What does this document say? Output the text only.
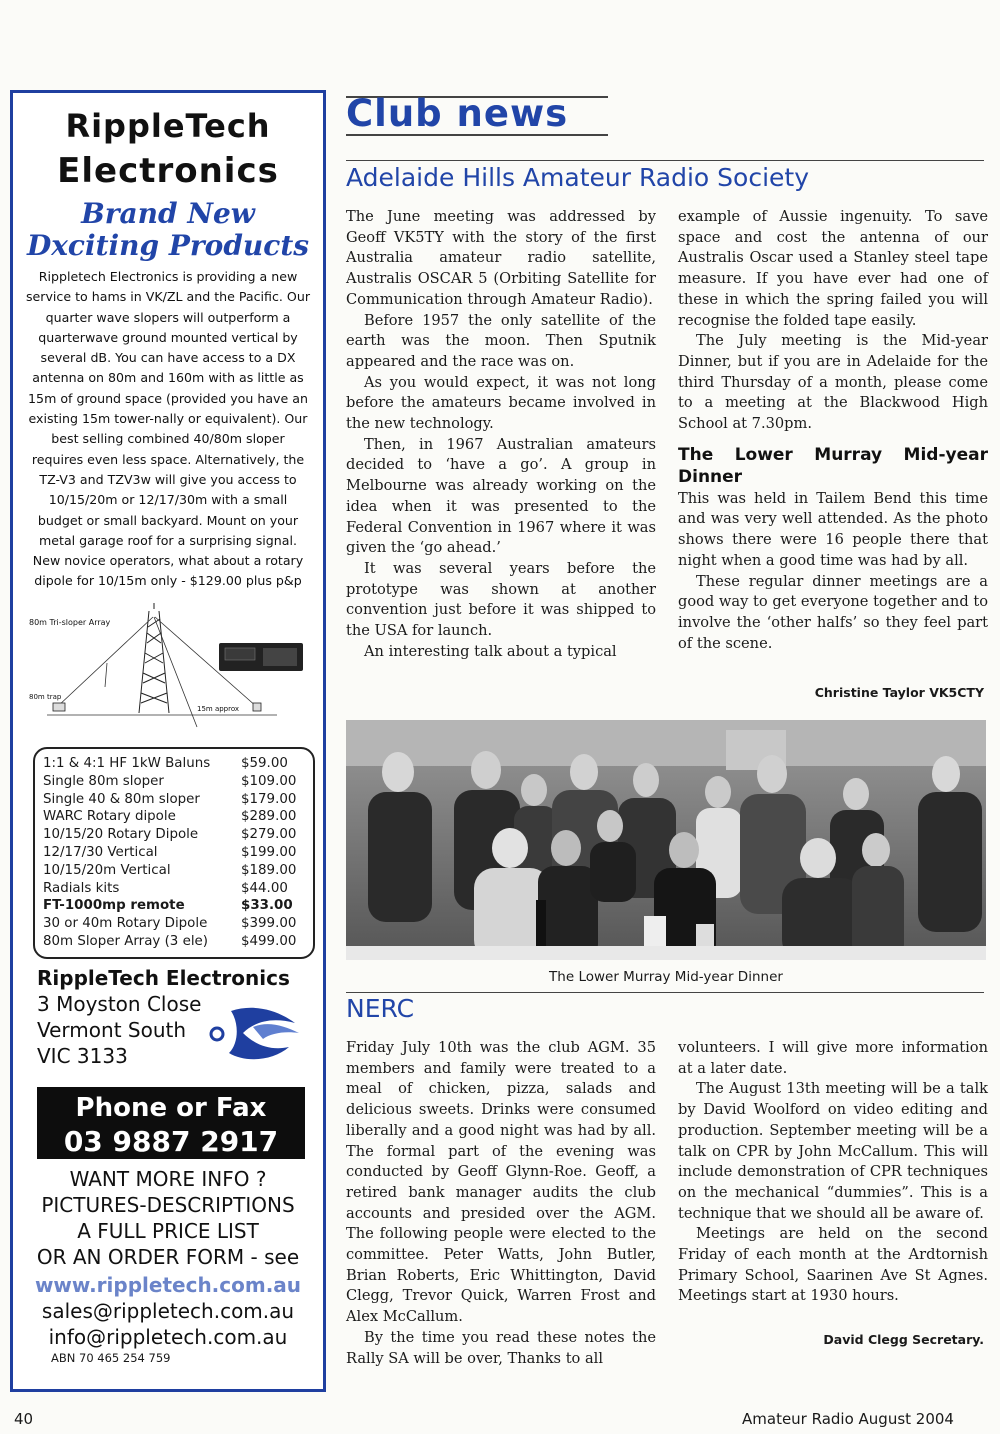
RippleTech
Electronics
Brand New
Dxciting Products
Rippletech Electronics is providing a new service to hams in VK/ZL and the Pacific. Our quarter wave slopers will outperform a quarterwave ground mounted vertical by several dB. You can have access to a DX antenna on 80m and 160m with as little as 15m of ground space (provided you have an existing 15m tower-nally or equivalent). Our best selling combined 40/80m sloper requires even less space. Alternatively, the TZ-V3 and TZV3w will give you access to 10/15/20m or 12/17/30m with a small budget or small backyard. Mount on your metal garage roof for a surprising signal. New novice operators, what about a rotary dipole for 10/15m only - $129.00 plus p&p
80m Tri-sloper Array
80m trap
15m approx
1:1 & 4:1 HF 1kW Baluns $59.00
Single 80m sloper	$109.00
Single 40 & 80m sloper	$179.00
WARC Rotary dipole	$289.00
10/15/20 Rotary Dipole	$279.00
12/17/30 Vertical	$199.00
10/15/20m Vertical	$189.00
Radials kits	$44.00
FT-1000mp remote	$33.00
30 or 40m Rotary Dipole	$399.00
80m Sloper Array (3 ele) $499.00
RippleTech Electronics
3 Moyston Close
Vermont South
VIC 3133
Phone or Fax
03 9887 2917
WANT MORE INFO ?
PICTURES-DESCRIPTIONS
A FULL PRICE LIST
OR AN ORDER FORM - see
www.rippletech.com.au
sales@rippletech.com.au
info@rippletech.com.au
ABN 70 465 254 759
Club news
Adelaide Hills Amateur Radio Society

The June meeting was addressed by Geoff VK5TY with the story of the first Australia amateur radio satellite, Australis OSCAR 5 (Orbiting Satellite for Communication through Amateur Radio).

Before 1957 the only satellite of the earth was the moon. Then Sputnik appeared and the race was on.

As you would expect, it was not long before the amateurs became involved in the new technology.

Then, in 1967 Australian amateurs decided to ‘have a go’. A group in Melbourne was already working on the idea when it was presented to the Federal Convention in 1967 where it was given the ‘go ahead.’

It was several years before the prototype was shown at another convention just before it was shipped to the USA for launch.

An interesting talk about a typical

example of Aussie ingenuity. To save space and cost the antenna of our Australis Oscar used a Stanley steel tape measure. If you have ever had one of these in which the spring failed you will recognise the folded tape easily.

The July meeting is the Mid-year Dinner, but if you are in Adelaide for the third Thursday of a month, please come to a meeting at the Blackwood High School at 7.30pm.

The Lower Murray Mid-year Dinner

This was held in Tailem Bend this time and was very well attended. As the photo shows there were 16 people there that night when a good time was had by all.

These regular dinner meetings are a good way to get everyone together and to involve the ‘other halfs’ so they feel part of the scene.

Christine Taylor VK5CTY
The Lower Murray Mid-year Dinner
NERC

Friday July 10th was the club AGM. 35 members and family were treated to a meal of chicken, pizza, salads and delicious sweets. Drinks were consumed liberally and a good night was had by all. The formal part of the evening was conducted by Geoff Glynn-Roe. Geoff, a retired bank manager audits the club accounts and presided over the AGM. The following people were elected to the committee. Peter Watts, John Butler, Brian Roberts, Eric Whittington, David Clegg, Trevor Quick, Warren Frost and Alex McCallum.

By the time you read these notes the Rally SA will be over, Thanks to all

volunteers. I will give more information at a later date.

The August 13th meeting will be a talk by David Woolford on video editing and production. September meeting will be a talk on CPR by John McCallum. This will include demonstration of CPR techniques on the mechanical “dummies”. This is a technique that we should all be aware of.

Meetings are held on the second Friday of each month at the Ardtornish Primary School, Saarinen Ave St Agnes. Meetings start at 1930 hours.

David Clegg Secretary.
40	Amateur Radio August 2004
